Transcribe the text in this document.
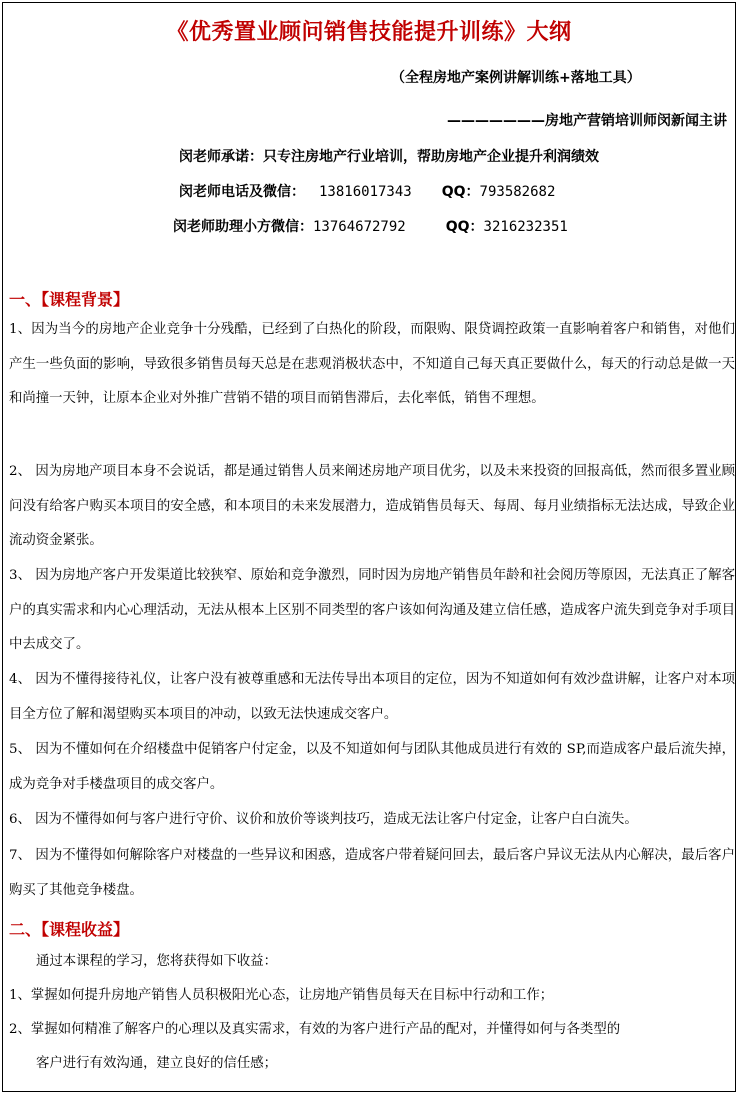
《优秀置业顾问销售技能提升训练》大纲
（全程房地产案例讲解训练+落地工具）
———————房地产营销培训师闵新闻主讲
闵老师承诺：只专注房地产行业培训，帮助房地产企业提升利润绩效
闵老师电话及微信： 13816017343 QQ：793582682
闵老师助理小方微信：13764672792	QQ：3216232351
一、【课程背景】
1、因为当今的房地产企业竞争十分残酷，已经到了白热化的阶段，而限购、限贷调控政策一直影响着客户和销售，对他们产生一些负面的影响，导致很多销售员每天总是在悲观消极状态中，不知道自己每天真正要做什么，每天的行动总是做一天和尚撞一天钟，让原本企业对外推广营销不错的项目而销售滞后，去化率低，销售不理想。
2、 因为房地产项目本身不会说话，都是通过销售人员来阐述房地产项目优劣，以及未来投资的回报高低，然而很多置业顾问没有给客户购买本项目的安全感，和本项目的未来发展潜力，造成销售员每天、每周、每月业绩指标无法达成，导致企业流动资金紧张。
3、 因为房地产客户开发渠道比较狭窄、原始和竞争激烈，同时因为房地产销售员年龄和社会阅历等原因，无法真正了解客户的真实需求和内心心理活动，无法从根本上区别不同类型的客户该如何沟通及建立信任感，造成客户流失到竞争对手项目中去成交了。
4、 因为不懂得接待礼仪，让客户没有被尊重感和无法传导出本项目的定位，因为不知道如何有效沙盘讲解，让客户对本项目全方位了解和渴望购买本项目的冲动，以致无法快速成交客户。
5、 因为不懂如何在介绍楼盘中促销客户付定金，以及不知道如何与团队其他成员进行有效的 SP,而造成客户最后流失掉，成为竞争对手楼盘项目的成交客户。
6、 因为不懂得如何与客户进行守价、议价和放价等谈判技巧，造成无法让客户付定金，让客户白白流失。
7、 因为不懂得如何解除客户对楼盘的一些异议和困惑，造成客户带着疑问回去，最后客户异议无法从内心解决，最后客户购买了其他竞争楼盘。
二、【课程收益】
通过本课程的学习，您将获得如下收益：
1、掌握如何提升房地产销售人员积极阳光心态，让房地产销售员每天在目标中行动和工作；
2、掌握如何精准了解客户的心理以及真实需求，有效的为客户进行产品的配对，并懂得如何与各类型的
客户进行有效沟通，建立良好的信任感；
